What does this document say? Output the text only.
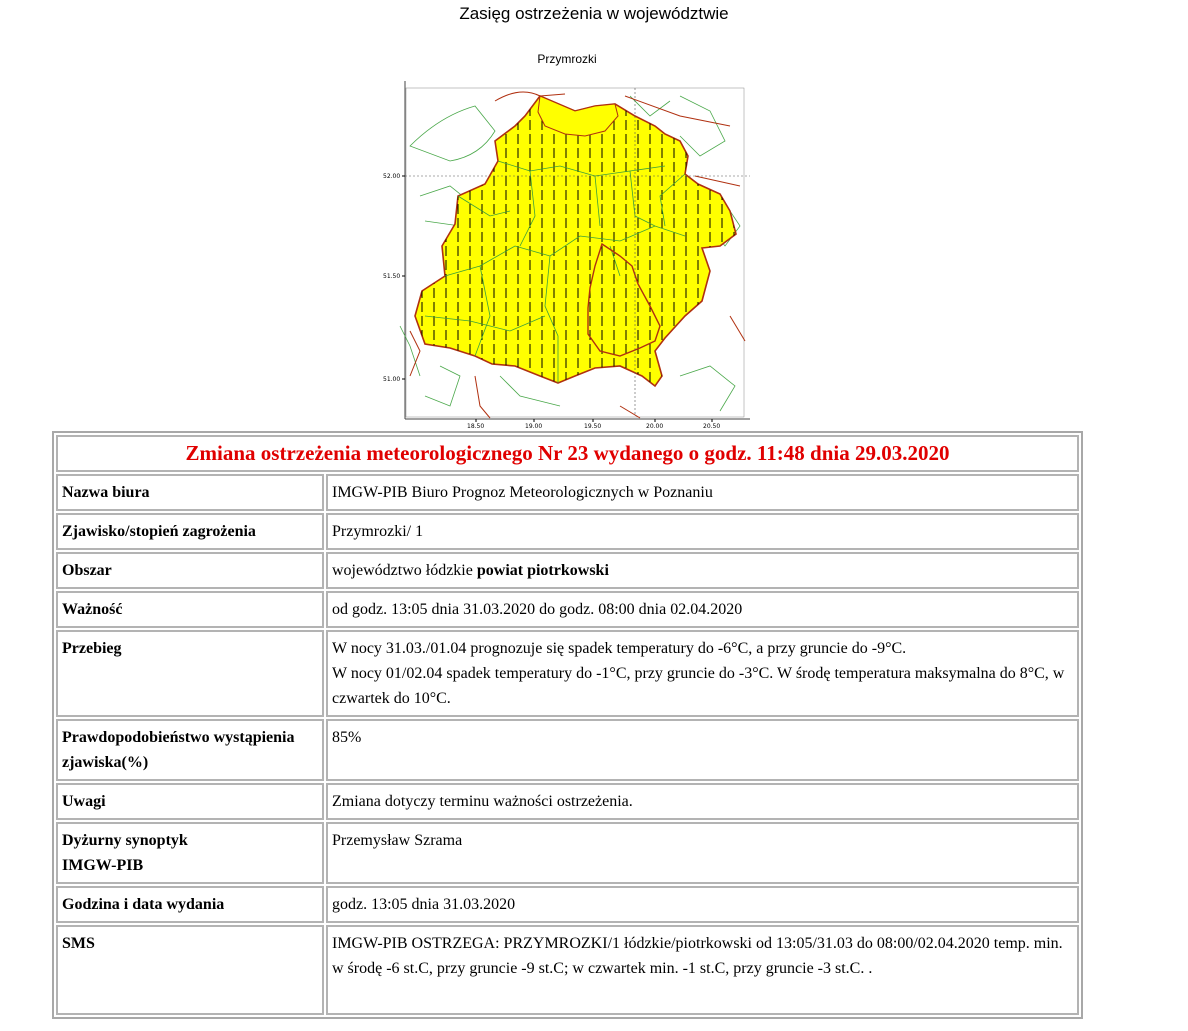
Zasięg ostrzeżenia w województwie
Przymrozki
52.00
51.50
51.00
18.50	19.00	19.50	20.00	20.50
Zmiana ostrzeżenia meteorologicznego Nr 23 wydanego o godz. 11:48 dnia 29.03.2020	
Nazwa biura	IMGW-PIB Biuro Prognoz Meteorologicznych w Poznaniu
Zjawisko/stopień zagrożenia	Przymrozki/ 1
Obszar	województwo łódzkie powiat piotrkowski
Ważność	od godz. 13:05 dnia 31.03.2020 do godz. 08:00 dnia 02.04.2020
Przebieg	W nocy 31.03./01.04 prognozuje się spadek temperatury do -6°C, a przy gruncie do -9°C.
W nocy 01/02.04 spadek temperatury do -1°C, przy gruncie do -3°C. W środę temperatura maksymalna do 8°C, w czwartek do 10°C.

Prawdopodobieństwo wystąpienia zjawiska(%)	85%
Uwagi	Zmiana dotyczy terminu ważności ostrzeżenia.

Dyżurny synoptyk
IMGW-PIB	Przemysław Szrama
Godzina i data wydania	godz. 13:05 dnia 31.03.2020
SMS	IMGW-PIB OSTRZEGA: PRZYMROZKI/1 łódzkie/piotrkowski od 13:05/31.03 do 08:00/02.04.2020 temp. min. w środę -6 st.C, przy gruncie -9 st.C; w czwartek min. -1 st.C, przy gruncie -3 st.C. .
